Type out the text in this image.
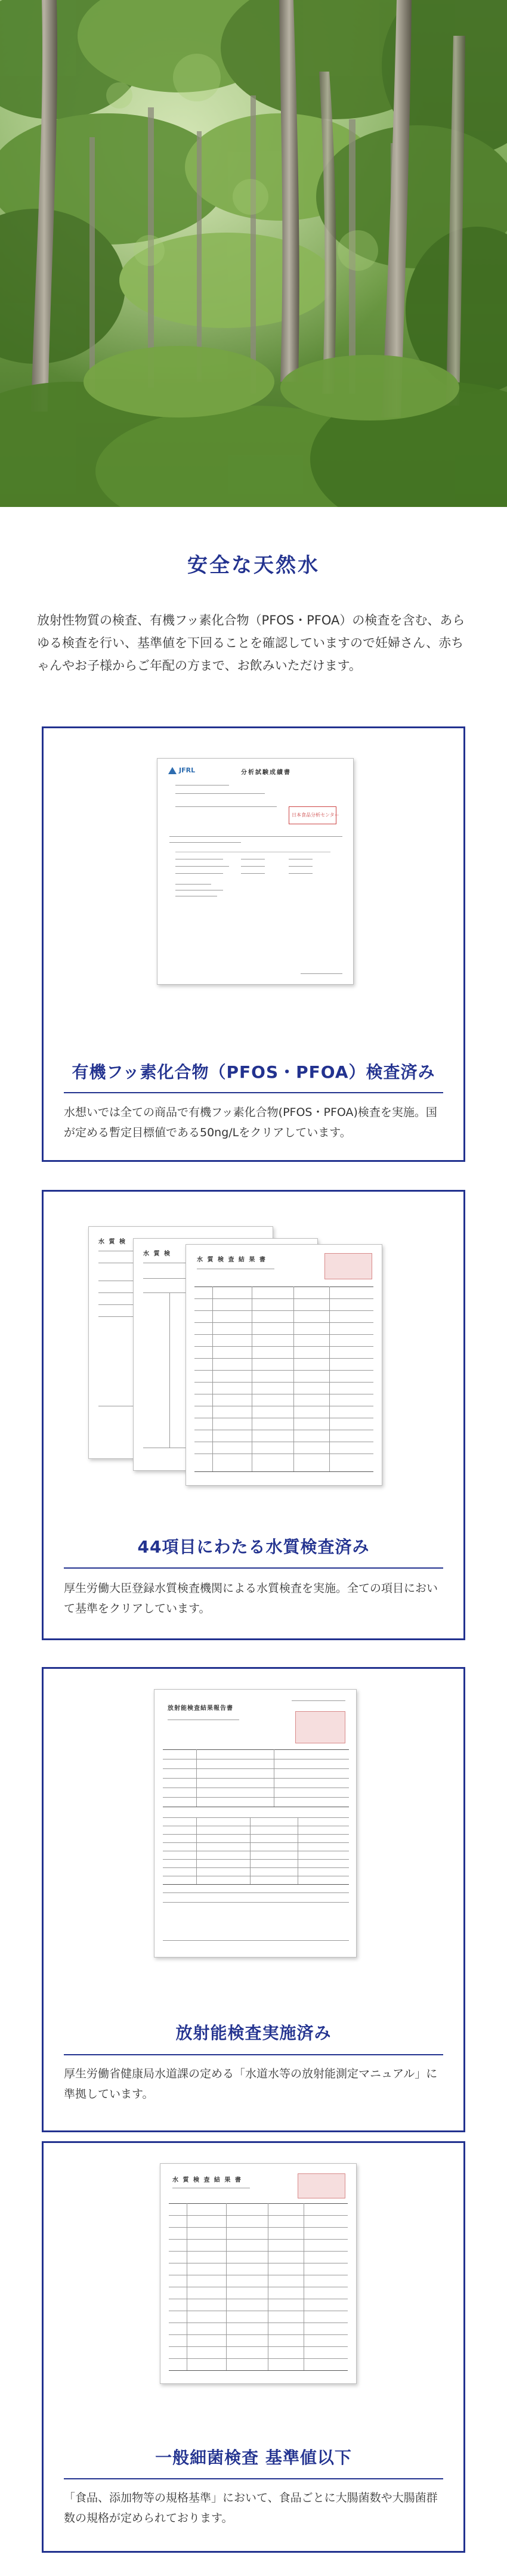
安全な天然水

放射性物質の検査、有機フッ素化合物（PFOS・PFOA）の検査を含む、あらゆる検査を行い、基準値を下回ることを確認していますので妊婦さん、赤ちゃんやお子様からご年配の方まで、お飲みいただけます。

JFRL	分析試験成績書
日本食品分析センター
有機フッ素化合物（PFOS・PFOA）検査済み
水想いでは全ての商品で有機フッ素化合物(PFOS・PFOA)検査を実施。国が定める暫定目標値である50ng/Lをクリアしています。
水 質 検
水 質 検
水 質 検 査 結 果 書
44項目にわたる水質検査済み
厚生労働大臣登録水質検査機関による水質検査を実施。全ての項目において基準をクリアしています。
放射能検査結果報告書
放射能検査実施済み
厚生労働省健康局水道課の定める「水道水等の放射能測定マニュアル」に準拠しています。
水 質 検 査 結 果 書
一般細菌検査 基準値以下
「食品、添加物等の規格基準」において、食品ごとに大腸菌数や大腸菌群数の規格が定められております。
